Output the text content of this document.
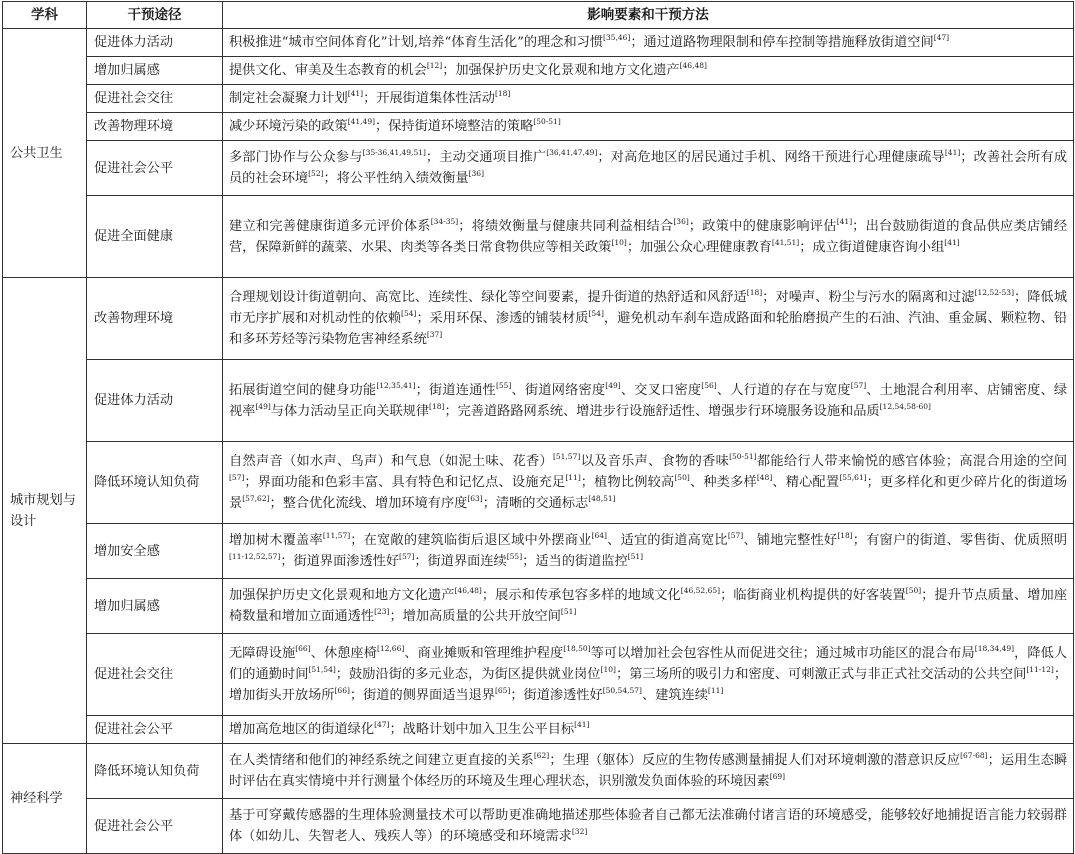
学科	干预途径	影响要素和干预方法
公共卫生	促进体力活动	积极推进“城市空间体育化”计划,培养“体育生活化”的理念和习惯[35,46]；通过道路物理限制和停车控制等措施释放街道空间[47]
	增加归属感	提供文化、审美及生态教育的机会[12]；加强保护历史文化景观和地方文化遗产[46,48]
	促进社会交往	制定社会凝聚力计划[41]；开展街道集体性活动[18]
	改善物理环境	减少环境污染的政策[41,49]；保持街道环境整洁的策略[50-51]
	促进社会公平	多部门协作与公众参与[35-36,41,49,51]；主动交通项目推广[36,41,47,49]；对高危地区的居民通过手机、网络干预进行心理健康疏导[41]；改善社会所有成员的社会环境[52]；将公平性纳入绩效衡量[36]
	促进全面健康	建立和完善健康街道多元评价体系[34-35]；将绩效衡量与健康共同利益相结合[36]；政策中的健康影响评估[41]；出台鼓励街道的食品供应类店铺经营，保障新鲜的蔬菜、水果、肉类等各类日常食物供应等相关政策[10]；加强公众心理健康教育[41,51]；成立街道健康咨询小组[41]
城市规划与设计	改善物理环境	合理规划设计街道朝向、高宽比、连续性、绿化等空间要素，提升街道的热舒适和风舒适[18]；对噪声、粉尘与污水的隔离和过滤[12,52-53]；降低城市无序扩展和对机动性的依赖[54]；采用环保、渗透的铺装材质[54]，避免机动车刹车造成路面和轮胎磨损产生的石油、汽油、重金属、颗粒物、铅和多环芳烃等污染物危害神经系统[37]
	促进体力活动	拓展街道空间的健身功能[12,35,41]；街道连通性[55]、街道网络密度[49]、交叉口密度[56]、人行道的存在与宽度[57]、土地混合利用率、店铺密度、绿视率[49]与体力活动呈正向关联规律[18]；完善道路路网系统、增进步行设施舒适性、增强步行环境服务设施和品质[12,54,58-60]
	降低环境认知负荷	自然声音（如水声、鸟声）和气息（如泥土味、花香）[51,57]以及音乐声、食物的香味[50-51]都能给行人带来愉悦的感官体验；高混合用途的空间[57]；界面功能和色彩丰富、具有特色和记忆点、设施充足[11]；植物比例较高[50]、种类多样[48]、精心配置[55,61]；更多样化和更少碎片化的街道场景[57,62]；整合优化流线、增加环境有序度[63]；清晰的交通标志[48,51]
	增加安全感	增加树木覆盖率[11,57]；在宽敞的建筑临街后退区域中外摆商业[64]、适宜的街道高宽比[57]、铺地完整性好[18]；有窗户的街道、零售街、优质照明[11-12,52,57]；街道界面渗透性好[57]；街道界面连续[55]；适当的街道监控[51]
	增加归属感	加强保护历史文化景观和地方文化遗产[46,48]；展示和传承包容多样的地域文化[46,52,65]；临街商业机构提供的好客装置[50]；提升节点质量、增加座椅数量和增加立面通透性[23]；增加高质量的公共开放空间[51]
	促进社会交往	无障碍设施[66]、休憩座椅[12,66]、商业摊贩和管理维护程度[18,50]等可以增加社会包容性从而促进交往；通过城市功能区的混合布局[18,34,49]，降低人们的通勤时间[51,54]；鼓励沿街的多元业态，为街区提供就业岗位[10]；第三场所的吸引力和密度、可刺激正式与非正式社交活动的公共空间[11-12]；增加街头开放场所[66]；街道的侧界面适当退界[65]；街道渗透性好[50,54,57]、建筑连续[11]
	促进社会公平	增加高危地区的街道绿化[47]；战略计划中加入卫生公平目标[41]
神经科学	降低环境认知负荷	在人类情绪和他们的神经系统之间建立更直接的关系[62]；生理（躯体）反应的生物传感测量捕捉人们对环境刺激的潜意识反应[67-68]；运用生态瞬时评估在真实情境中并行测量个体经历的环境及生理心理状态，识别激发负面体验的环境因素[69]
	促进社会公平	基于可穿戴传感器的生理体验测量技术可以帮助更准确地描述那些体验者自己都无法准确付诸言语的环境感受，能够较好地捕捉语言能力较弱群体（如幼儿、失智老人、残疾人等）的环境感受和环境需求[32]
